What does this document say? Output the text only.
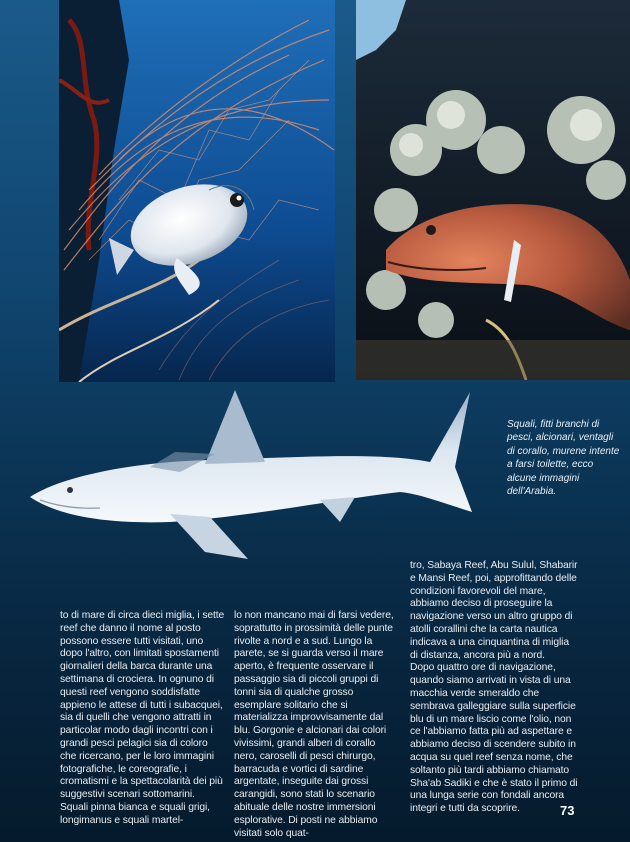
Squali, fitti branchi di pesci, alcionari, ventagli di corallo, murene intente a farsi toilette, ecco alcune immagini dell'Arabia.

to di mare di circa dieci miglia, i sette reef che danno il nome al posto possono essere tutti visitati, uno dopo l'altro, con limitati spostamenti giornalieri della barca durante una settimana di crociera. In ognuno di questi reef vengono soddisfatte appieno le attese di tutti i subacquei, sia di quelli che vengono attratti in particolar modo dagli incontri con i grandi pesci pelagici sia di coloro che ricercano, per le loro immagini fotografiche, le coreografie, i cromatismi e la spettacolarità dei più suggestivi scenari sottomarini. Squali pinna bianca e squali grigi, longimanus e squali martel-

lo non mancano mai di farsi vedere, soprattutto in prossimità delle punte rivolte a nord e a sud. Lungo la parete, se si guarda verso il mare aperto, è frequente osservare il passaggio sia di piccoli gruppi di tonni sia di qualche grosso esemplare solitario che si materializza improvvisamente dal blu. Gorgonie e alcionari dai colori vivissimi, grandi alberi di corallo nero, caroselli di pesci chirurgo, barracuda e vortici di sardine argentate, inseguite dai grossi carangidi, sono stati lo scenario abituale delle nostre immersioni esplorative. Di posti ne abbiamo visitati solo quat-

tro, Sabaya Reef, Abu Sulul, Shabarir e Mansi Reef, poi, approfittando delle condizioni favorevoli del mare, abbiamo deciso di proseguire la navigazione verso un altro gruppo di atolli corallini che la carta nautica indicava a una cinquantina di miglia di distanza, ancora più a nord.

Dopo quattro ore di navigazione, quando siamo arrivati in vista di una macchia verde smeraldo che sembrava galleggiare sulla superficie blu di un mare liscio come l'olio, non ce l'abbiamo fatta più ad aspettare e abbiamo deciso di scendere subito in acqua su quel reef senza nome, che soltanto più tardi abbiamo chiamato Sha'ab Sadiki e che è stato il primo di una lunga serie con fondali ancora integri e tutti da scoprire.	73
